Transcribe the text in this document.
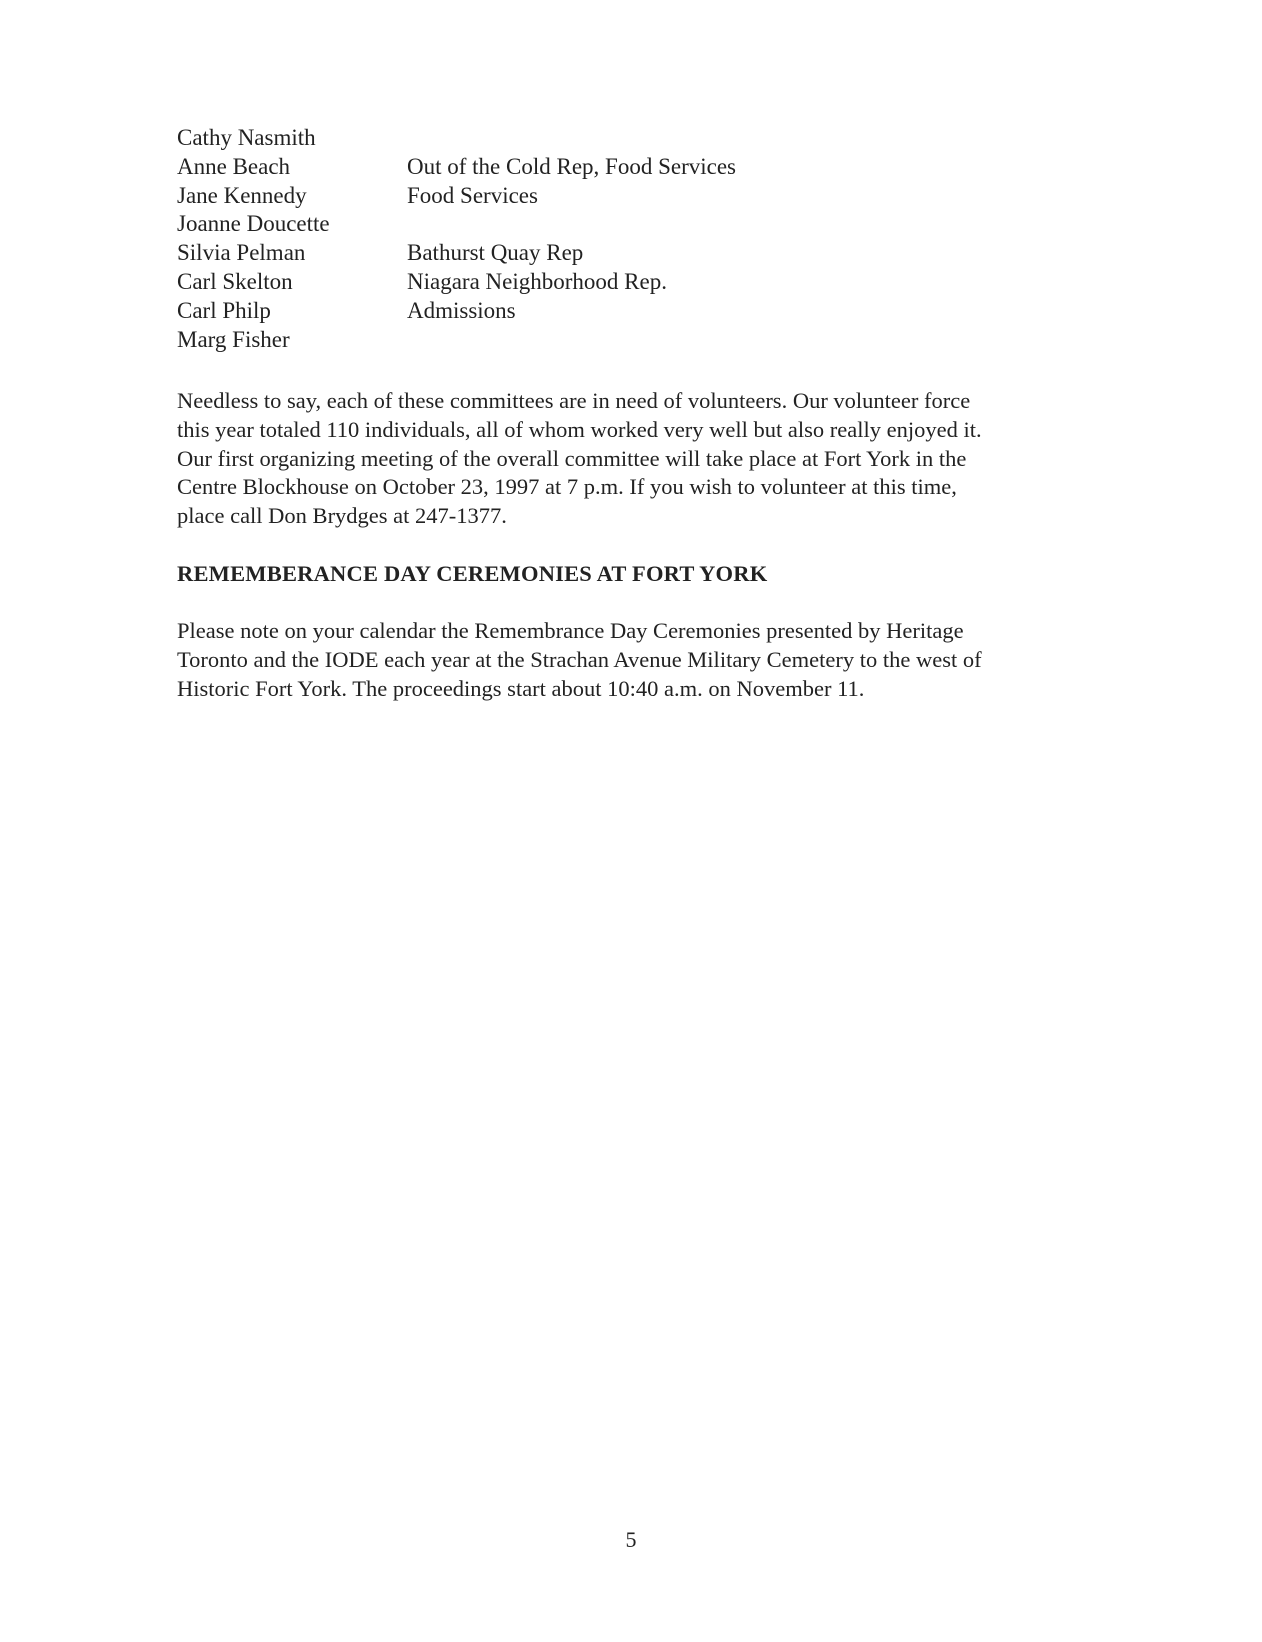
Cathy Nasmith
Anne Beach	Out of the Cold Rep, Food Services
Jane Kennedy	Food Services
Joanne Doucette
Silvia Pelman	Bathurst Quay Rep
Carl Skelton	Niagara Neighborhood Rep.
Carl Philp	Admissions
Marg Fisher

Needless to say, each of these committees are in need of volunteers. Our volunteer force
this year totaled 110 individuals, all of whom worked very well but also really enjoyed it.
Our first organizing meeting of the overall committee will take place at Fort York in the
Centre Blockhouse on October 23, 1997 at 7 p.m. If you wish to volunteer at this time,
place call Don Brydges at 247-1377.

REMEMBERANCE DAY CEREMONIES AT FORT YORK

Please note on your calendar the Remembrance Day Ceremonies presented by Heritage
Toronto and the IODE each year at the Strachan Avenue Military Cemetery to the west of
Historic Fort York. The proceedings start about 10:40 a.m. on November 11.

5
